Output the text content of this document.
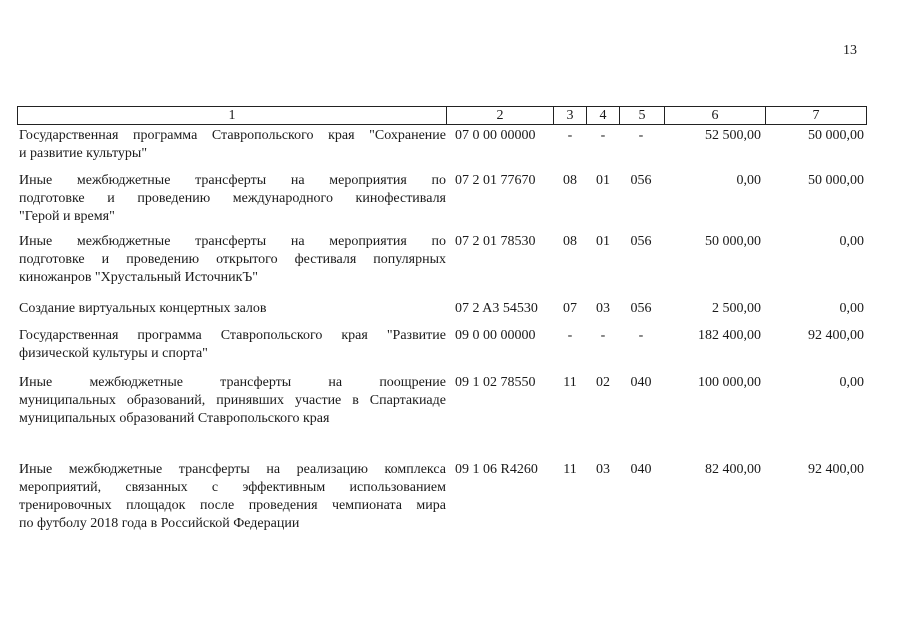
13
1	2	3	4	5	6	7
Государственная программа Ставропольского края "Сохранение
и развитие культуры"
07 0 00 00000	-	-	-	52 500,00	50 000,00
Иные межбюджетные трансферты на мероприятия по
подготовке и проведению международного кинофестиваля
"Герой и время"
07 2 01 77670	08	01	056	0,00	50 000,00
Иные межбюджетные трансферты на мероприятия по
подготовке и проведению открытого фестиваля популярных
киножанров "Хрустальный ИсточникЪ"
07 2 01 78530	08	01	056	50 000,00	0,00
Создание виртуальных концертных залов	07 2 A3 54530	07	03	056	2 500,00	0,00
Государственная программа Ставропольского края "Развитие
физической культуры и спорта"
09 0 00 00000	-	-	-	182 400,00	92 400,00
Иные межбюджетные трансферты на поощрение
муниципальных образований, принявших участие в Спартакиаде
муниципальных образований Ставропольского края
09 1 02 78550	11	02	040	100 000,00	0,00
Иные межбюджетные трансферты на реализацию комплекса
мероприятий, связанных с эффективным использованием
тренировочных площадок после проведения чемпионата мира
по футболу 2018 года в Российской Федерации
09 1 06 R4260	11	03	040	82 400,00	92 400,00
